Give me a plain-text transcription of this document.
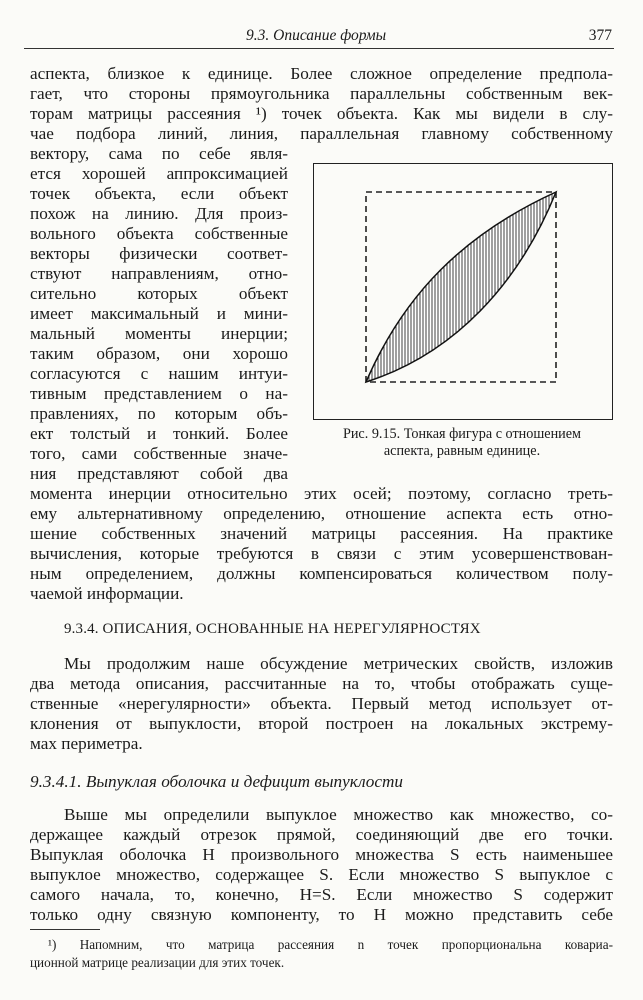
9.3. Описание формы	377
аспекта, близкое к единице. Более сложное определение предпола-
гает, что стороны прямоугольника параллельны собственным век-
торам матрицы рассеяния ¹) точек объекта. Как мы видели в слу-
чае подбора линий, линия, параллельная главному собственному
вектору, сама по себе явля-
ется хорошей аппроксимацией
точек объекта, если объект
похож на линию. Для произ-
вольного объекта собственные
векторы физически соответ-
ствуют направлениям, отно-
сительно которых объект
имеет максимальный и мини-
мальный моменты инерции;
таким образом, они хорошо
согласуются с нашим интуи-
тивным представлением о на-
правлениях, по которым объ-
ект толстый и тонкий. Более
того, сами собственные значе-
ния представляют собой два
Рис. 9.15. Тонкая фигура с отношением
аспекта, равным единице.
момента инерции относительно этих осей; поэтому, согласно треть-
ему альтернативному определению, отношение аспекта есть отно-
шение собственных значений матрицы рассеяния. На практике
вычисления, которые требуются в связи с этим усовершенствован-
ным определением, должны компенсироваться количеством полу-
чаемой информации.
9.3.4. ОПИСАНИЯ, ОСНОВАННЫЕ НА НЕРЕГУЛЯРНОСТЯХ
Мы продолжим наше обсуждение метрических свойств, изложив
два метода описания, рассчитанные на то, чтобы отображать суще-
ственные «нерегулярности» объекта. Первый метод использует от-
клонения от выпуклости, второй построен на локальных экстрему-
мах периметра.
9.3.4.1. Выпуклая оболочка и дефицит выпуклости
Выше мы определили выпуклое множество как множество, со-
держащее каждый отрезок прямой, соединяющий две его точки.
Выпуклая оболочка H произвольного множества S есть наименьшее
выпуклое множество, содержащее S. Если множество S выпуклое с
самого начала, то, конечно, H=S. Если множество S содержит
только одну связную компоненту, то H можно представить себе
¹) Напомним, что матрица рассеяния n точек пропорциональна ковариа-
ционной матрице реализации для этих точек.
